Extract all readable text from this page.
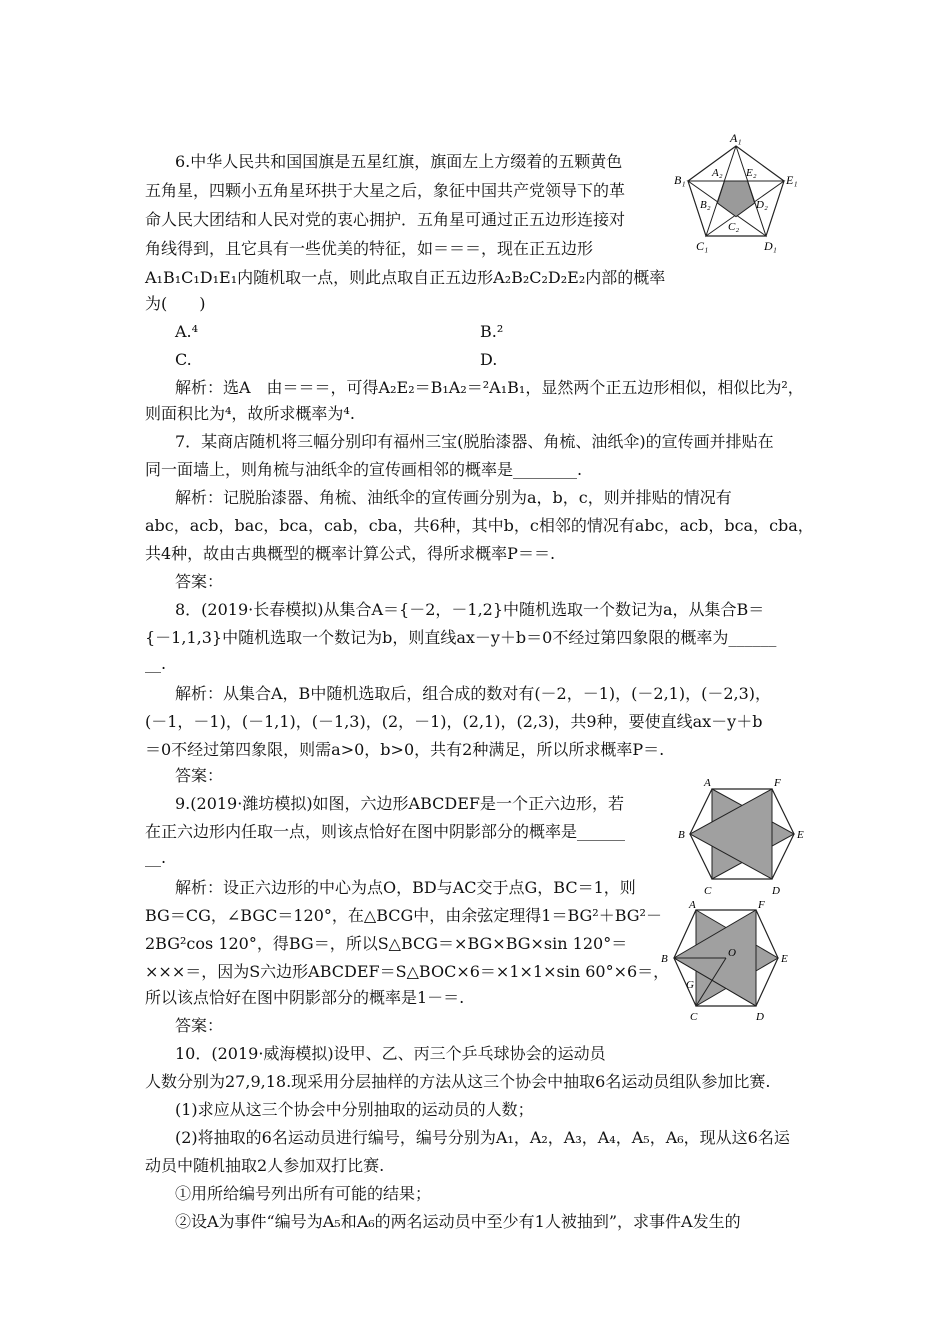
6.中华人民共和国国旗是五星红旗，旗面左上方缀着的五颗黄色
五角星，四颗小五角星环拱于大星之后，象征中国共产党领导下的革
命人民大团结和人民对党的衷心拥护．五角星可通过正五边形连接对
角线得到，且它具有一些优美的特征，如＝＝＝，现在正五边形
A₁B₁C₁D₁E₁内随机取一点，则此点取自正五边形A₂B₂C₂D₂E₂内部的概率
为(　　)
A.⁴	B.²
C.	D.
解析：选A　由＝＝＝，可得A₂E₂＝B₁A₂＝²A₁B₁，显然两个正五边形相似，相似比为²，
则面积比为⁴，故所求概率为⁴.
7．某商店随机将三幅分别印有福州三宝(脱胎漆器、角梳、油纸伞)的宣传画并排贴在
同一面墙上，则角梳与油纸伞的宣传画相邻的概率是________.
解析：记脱胎漆器、角梳、油纸伞的宣传画分别为a，b，c，则并排贴的情况有
abc，acb，bac，bca，cab，cba，共6种，其中b，c相邻的情况有abc，acb，bca，cba，
共4种，故由古典概型的概率计算公式，得所求概率P＝＝.
答案：
8．(2019·长春模拟)从集合A＝{－2，－1,2}中随机选取一个数记为a，从集合B＝
{－1,1,3}中随机选取一个数记为b，则直线ax－y＋b＝0不经过第四象限的概率为______
__.
解析：从集合A，B中随机选取后，组合成的数对有(－2，－1)，(－2,1)，(－2,3)，
(－1，－1)，(－1,1)，(－1,3)，(2，－1)，(2,1)，(2,3)，共9种，要使直线ax－y＋b
＝0不经过第四象限，则需a>0，b>0，共有2种满足，所以所求概率P＝.
答案：
9.(2019·潍坊模拟)如图，六边形ABCDEF是一个正六边形，若
在正六边形内任取一点，则该点恰好在图中阴影部分的概率是______
__.
解析：设正六边形的中心为点O，BD与AC交于点G，BC＝1，则
BG＝CG，∠BGC＝120°，在△BCG中，由余弦定理得1＝BG²＋BG²－
2BG²cos 120°，得BG＝，所以S△BCG＝×BG×BG×sin 120°＝
×××＝，因为S六边形ABCDEF＝S△BOC×6＝×1×1×sin 60°×6＝，
所以该点恰好在图中阴影部分的概率是1－＝.
答案：
10．(2019·威海模拟)设甲、乙、丙三个乒乓球协会的运动员
人数分别为27,9,18.现采用分层抽样的方法从这三个协会中抽取6名运动员组队参加比赛.
(1)求应从这三个协会中分别抽取的运动员的人数；
(2)将抽取的6名运动员进行编号，编号分别为A₁，A₂，A₃，A₄，A₅，A₆，现从这6名运
动员中随机抽取2人参加双打比赛.
①用所给编号列出所有可能的结果；
②设A为事件“编号为A₅和A₆的两名运动员中至少有1人被抽到”，求事件A发生的
A₁
B₁	E₁
C₁	D₁
A₂ E₂
B₂	D₂
C₂
A	F
B	E
C	D
A	F
B	E
O
G
C	D
